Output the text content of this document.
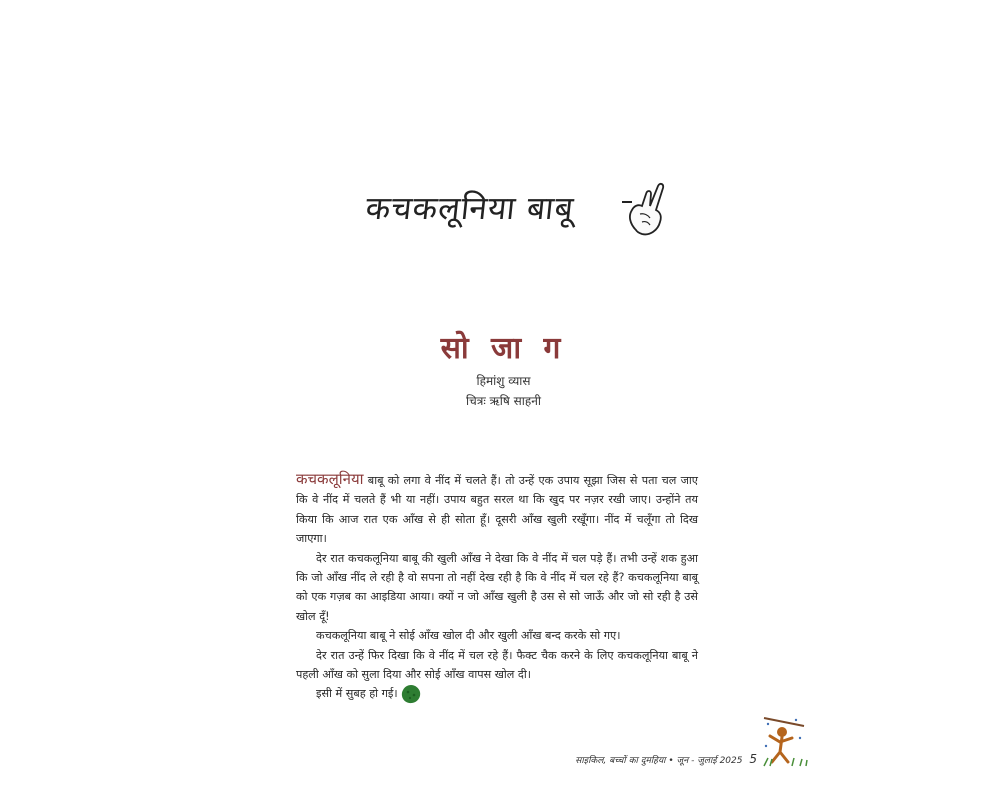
कचकलूनिया बाबू
सो जा ग
हिमांशु व्यास
चित्रः ऋषि साहनी

कचकलूनिया बाबू को लगा वे नींद में चलते हैं। तो उन्हें एक उपाय सूझा जिस से पता चल जाए कि वे नींद में चलते हैं भी या नहीं। उपाय बहुत सरल था कि खुद पर नज़र रखी जाए। उन्होंने तय किया कि आज रात एक आँख से ही सोता हूँ। दूसरी आँख खुली रखूँगा। नींद में चलूँगा तो दिख जाएगा।

देर रात कचकलूनिया बाबू की खुली आँख ने देखा कि वे नींद में चल पड़े हैं। तभी उन्हें शक हुआ कि जो आँख नींद ले रही है वो सपना तो नहीं देख रही है कि वे नींद में चल रहे हैं? कचकलूनिया बाबू को एक गज़ब का आइडिया आया। क्यों न जो आँख खुली है उस से सो जाऊँ और जो सो रही है उसे खोल दूँ!

कचकलूनिया बाबू ने सोई आँख खोल दी और खुली आँख बन्द करके सो गए।

देर रात उन्हें फिर दिखा कि वे नींद में चल रहे हैं। फैक्ट चैक करने के लिए कचकलूनिया बाबू ने पहली आँख को सुला दिया और सोई आँख वापस खोल दी।

इसी में सुबह हो गई।

साइकिल, बच्चों का दुमहिया • जून - जुलाई 2025 5
